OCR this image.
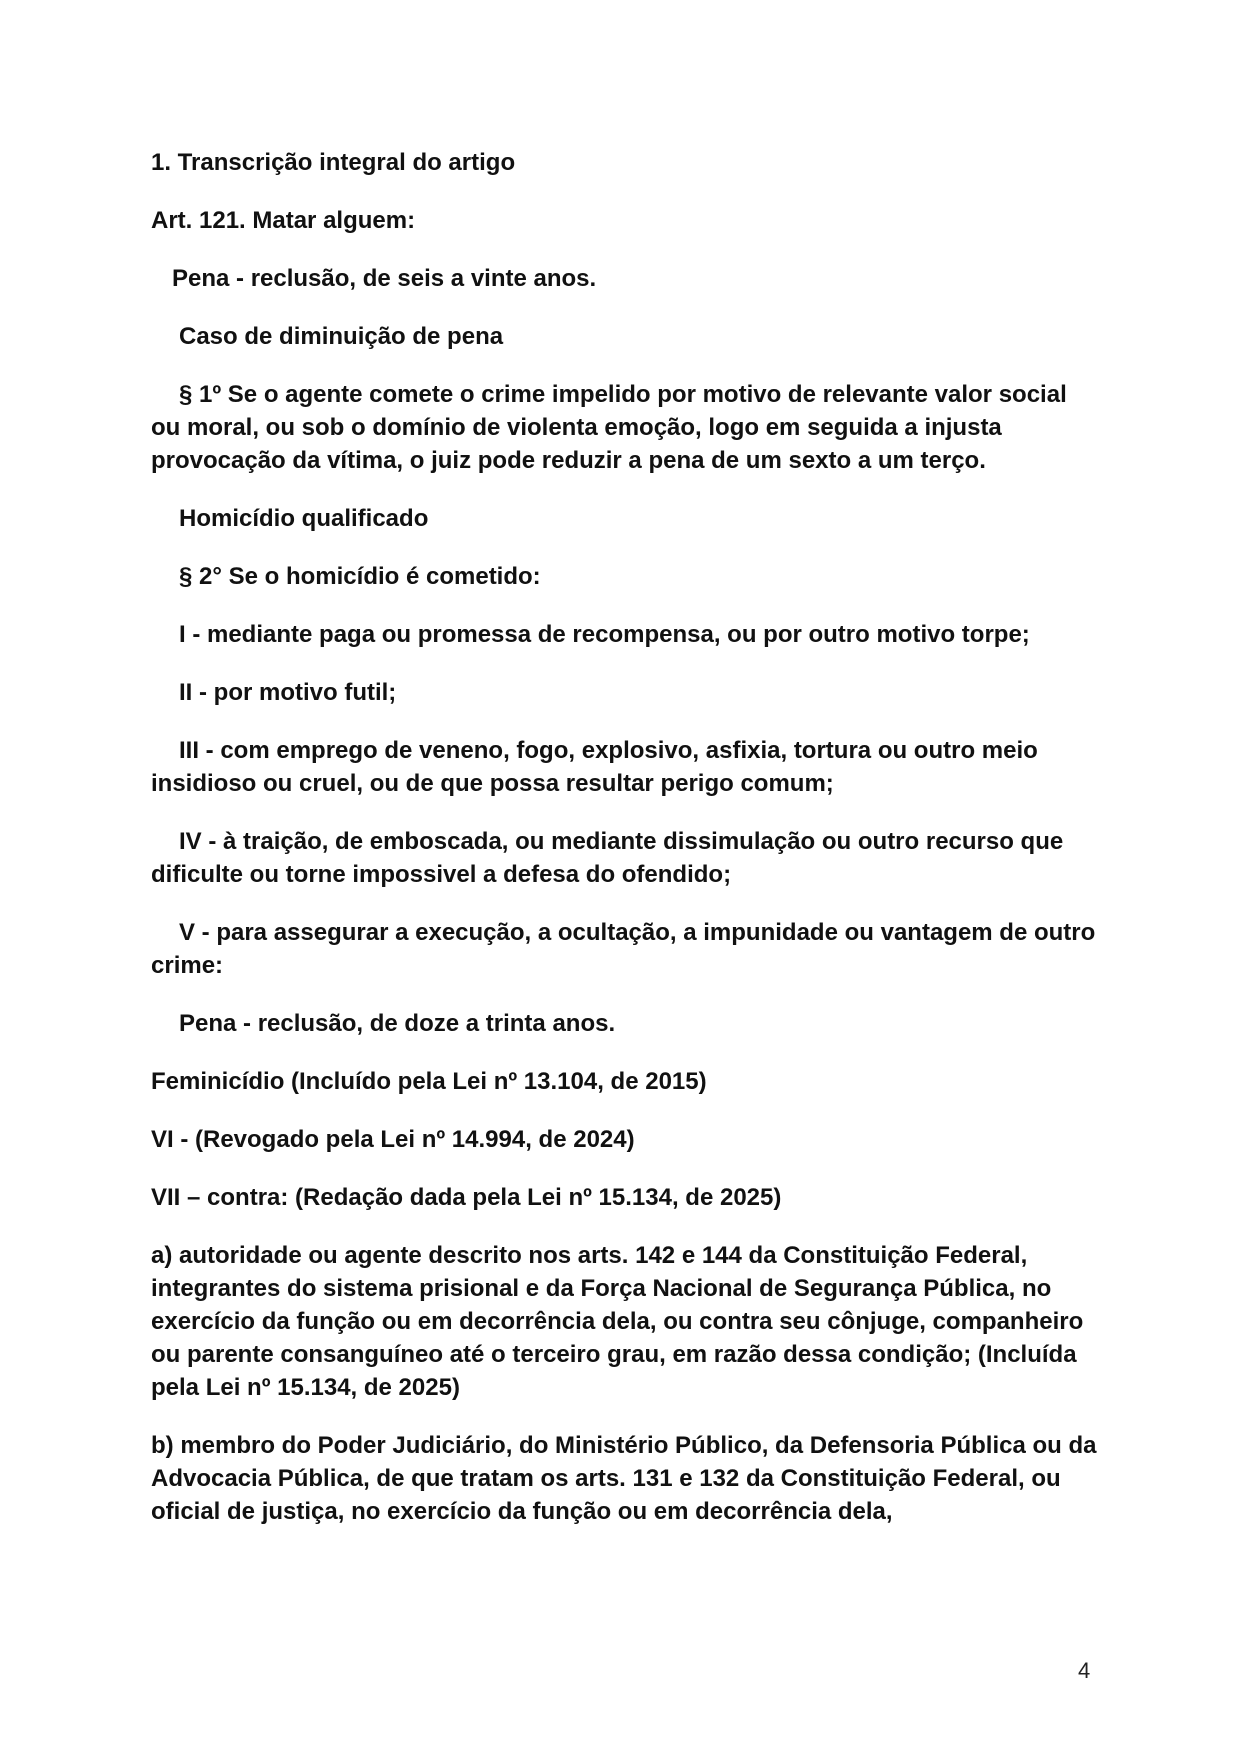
1. Transcrição integral do artigo

Art. 121. Matar alguem:

Pena - reclusão, de seis a vinte anos.

Caso de diminuição de pena

§ 1º Se o agente comete o crime impelido por motivo de relevante valor social ou moral, ou sob o domínio de violenta emoção, logo em seguida a injusta provocação da vítima, o juiz pode reduzir a pena de um sexto a um terço.

Homicídio qualificado

§ 2° Se o homicídio é cometido:

I - mediante paga ou promessa de recompensa, ou por outro motivo torpe;

II - por motivo futil;

III - com emprego de veneno, fogo, explosivo, asfixia, tortura ou outro meio insidioso ou cruel, ou de que possa resultar perigo comum;

IV - à traição, de emboscada, ou mediante dissimulação ou outro recurso que dificulte ou torne impossivel a defesa do ofendido;

V - para assegurar a execução, a ocultação, a impunidade ou vantagem de outro crime:

Pena - reclusão, de doze a trinta anos.

Feminicídio (Incluído pela Lei nº 13.104, de 2015)

VI - (Revogado pela Lei nº 14.994, de 2024)

VII – contra: (Redação dada pela Lei nº 15.134, de 2025)

a) autoridade ou agente descrito nos arts. 142 e 144 da Constituição Federal, integrantes do sistema prisional e da Força Nacional de Segurança Pública, no exercício da função ou em decorrência dela, ou contra seu cônjuge, companheiro ou parente consanguíneo até o terceiro grau, em razão dessa condição; (Incluída pela Lei nº 15.134, de 2025)

b) membro do Poder Judiciário, do Ministério Público, da Defensoria Pública ou da Advocacia Pública, de que tratam os arts. 131 e 132 da Constituição Federal, ou oficial de justiça, no exercício da função ou em decorrência dela,

4
